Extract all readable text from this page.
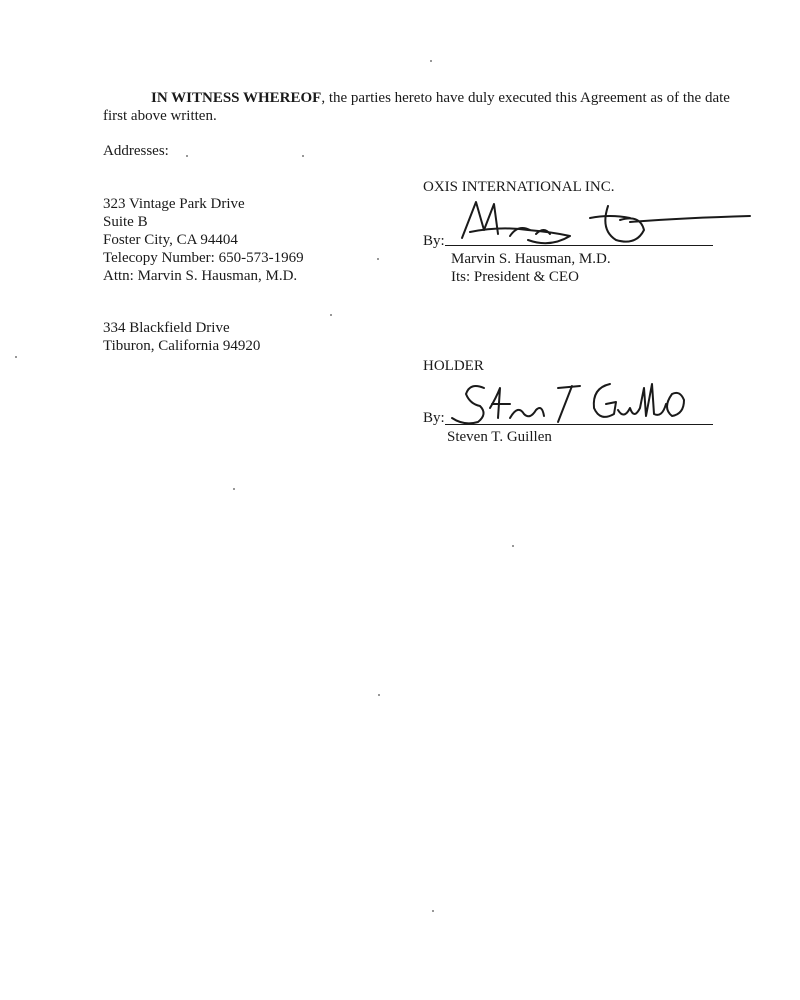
IN WITNESS WHEREOF, the parties hereto have duly executed this Agreement as of the date first above written.
Addresses:
323 Vintage Park Drive
Suite B
Foster City, CA 94404
Telecopy Number: 650-573-1969
Attn: Marvin S. Hausman, M.D.
334 Blackfield Drive
Tiburon, California 94920
OXIS INTERNATIONAL INC.
By:
Marvin S. Hausman, M.D.
Its: President & CEO
HOLDER
By:
Steven T. Guillen
